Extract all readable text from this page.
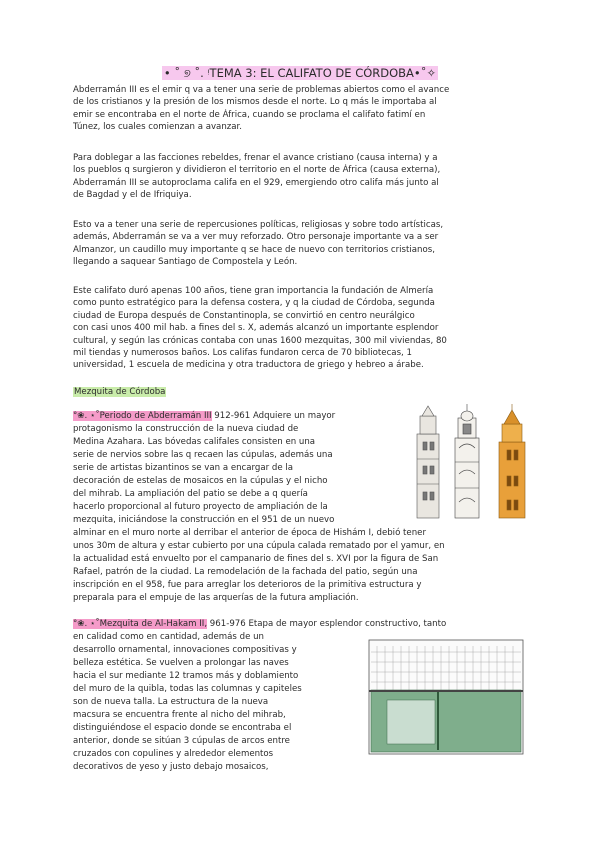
• ˚ ୭ ˚. ᵎTEMA 3: EL CALIFATO DE CÓRDOBA•˚✧
Abderramán III es el emir q va a tener una serie de problemas abiertos como el avance
de los cristianos y la presión de los mismos desde el norte. Lo q más le importaba al
emir se encontraba en el norte de África, cuando se proclama el califato fatimí en
Túnez, los cuales comienzan a avanzar.
Para doblegar a las facciones rebeldes, frenar el avance cristiano (causa interna) y a
los pueblos q surgieron y dividieron el territorio en el norte de África (causa externa),
Abderramán III se autoproclama califa en el 929, emergiendo otro califa más junto al
de Bagdad y el de Ifriquiya.
Esto va a tener una serie de repercusiones políticas, religiosas y sobre todo artísticas,
además, Abderramán se va a ver muy reforzado. Otro personaje importante va a ser
Almanzor, un caudillo muy importante q se hace de nuevo con territorios cristianos,
llegando a saquear Santiago de Compostela y León.
Este califato duró apenas 100 años, tiene gran importancia la fundación de Almería
como punto estratégico para la defensa costera, y q la ciudad de Córdoba, segunda
ciudad de Europa después de Constantinopla, se convirtió en centro neurálgico
con casi unos 400 mil hab. a fines del s. X, además alcanzó un importante esplendor
cultural, y según las crónicas contaba con unas 1600 mezquitas, 300 mil viviendas, 80
mil tiendas y numerosos baños. Los califas fundaron cerca de 70 bibliotecas, 1
universidad, 1 escuela de medicina y otra traductora de griego y hebreo a árabe.
Mezquita de Córdoba
°❀. ⋆˚Periodo de Abderramán III 912-961 Adquiere un mayor
protagonismo la construcción de la nueva ciudad de
Medina Azahara. Las bóvedas califales consisten en una
serie de nervios sobre las q recaen las cúpulas, además una
serie de artistas bizantinos se van a encargar de la
decoración de estelas de mosaicos en la cúpulas y el nicho
del mihrab. La ampliación del patio se debe a q quería
hacerlo proporcional al futuro proyecto de ampliación de la
mezquita, iniciándose la construcción en el 951 de un nuevo
alminar en el muro norte al derribar el anterior de época de Hishám I, debió tener
unos 30m de altura y estar cubierto por una cúpula calada rematado por el yamur, en
la actualidad está envuelto por el campanario de fines del s. XVI por la figura de San
Rafael, patrón de la ciudad. La remodelación de la fachada del patio, según una
inscripción en el 958, fue para arreglar los deterioros de la primitiva estructura y
preparala para el empuje de las arquerías de la futura ampliación.
°❀. ⋆˚Mezquita de Al-Hakam II, 961-976 Etapa de mayor esplendor constructivo, tanto
en calidad como en cantidad, además de un
desarrollo ornamental, innovaciones compositivas y
belleza estética. Se vuelven a prolongar las naves
hacia el sur mediante 12 tramos más y doblamiento
del muro de la quibla, todas las columnas y capiteles
son de nueva talla. La estructura de la nueva
macsura se encuentra frente al nicho del mihrab,
distinguiéndose el espacio donde se encontraba el
anterior, donde se sitúan 3 cúpulas de arcos entre
cruzados con copulines y alrededor elementos
decorativos de yeso y justo debajo mosaicos,
